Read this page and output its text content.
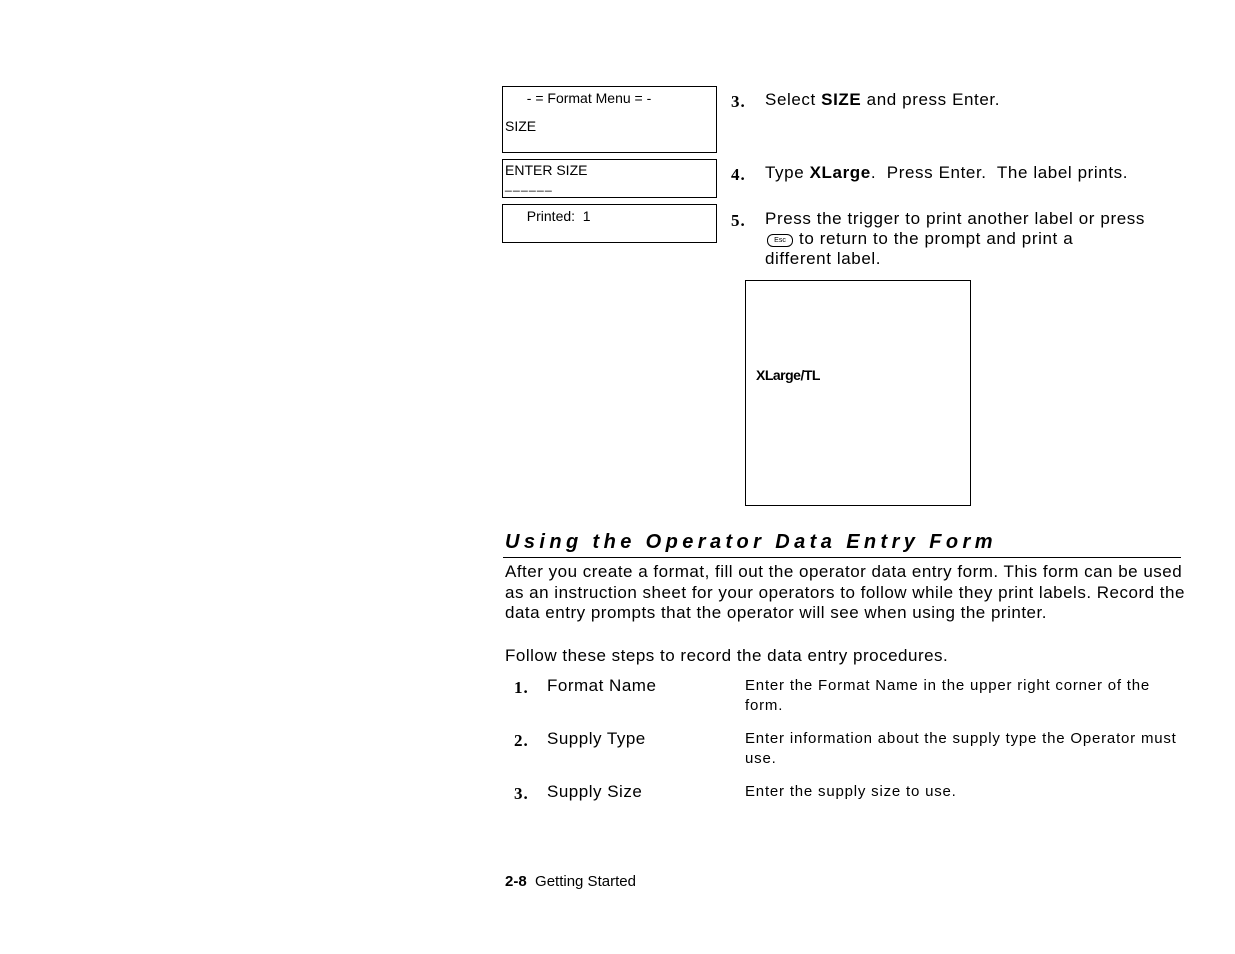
- = Format Menu = -
SIZE
ENTER SIZE
_ _ _ _ _ _
Printed:  1
3. Select SIZE and press Enter.
4. Type XLarge.  Press Enter.  The label prints.
5. Press the trigger to print another label or press
Esc to return to the prompt and print a
different label.
XLarge/TL
Using the Operator Data Entry Form
After you create a format, fill out the operator data entry form. This form can be used as an instruction sheet for your operators to follow while they print labels. Record the data entry prompts that the operator will see when using the printer.
Follow these steps to record the data entry procedures.
1. Format Name	Enter the Format Name in the upper right corner of the form.
2. Supply Type	Enter information about the supply type the Operator must use.
3. Supply Size	Enter the supply size to use.
2-8 Getting Started
